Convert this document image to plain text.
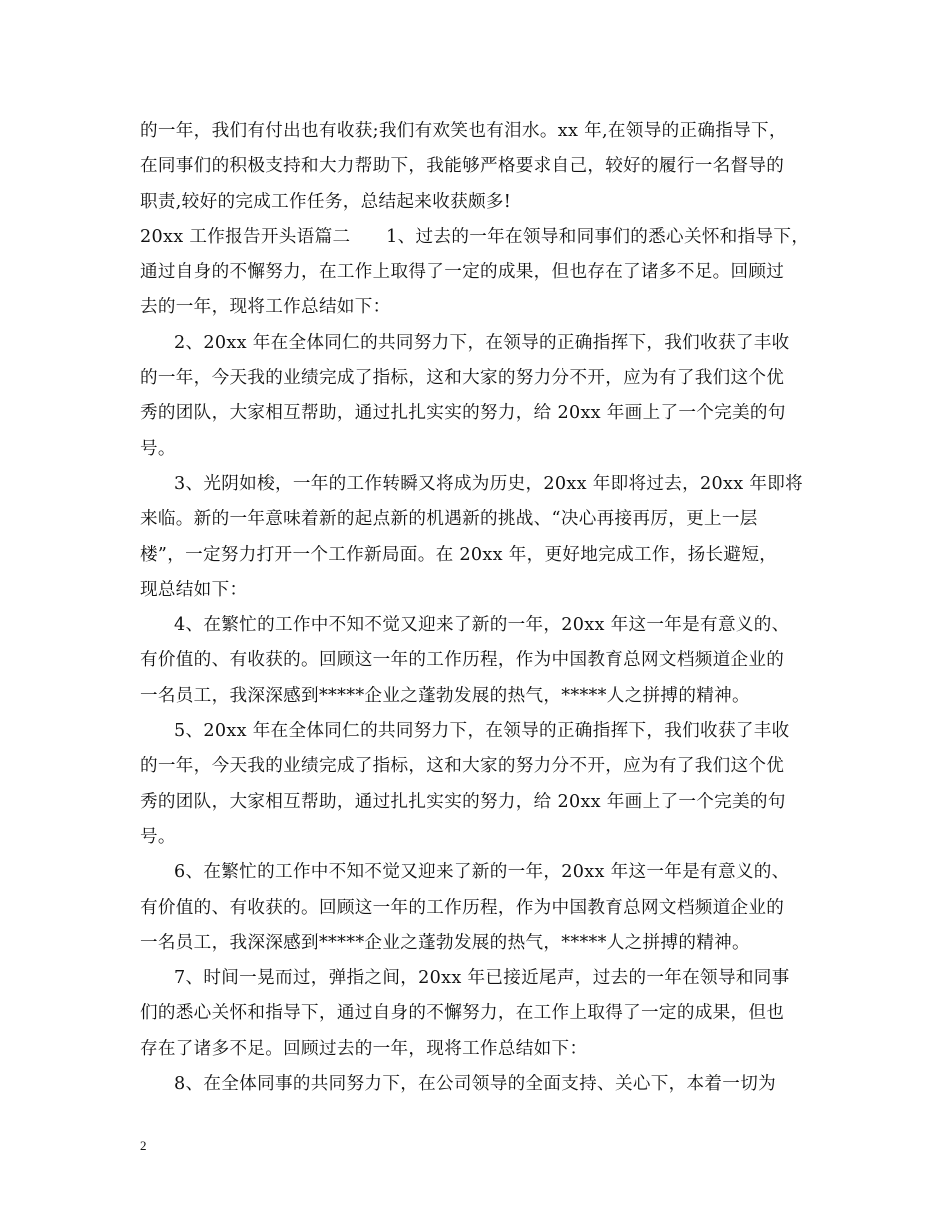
的一年，我们有付出也有收获;我们有欢笑也有泪水。xx 年,在领导的正确指导下，
在同事们的积极支持和大力帮助下，我能够严格要求自己，较好的履行一名督导的
职责,较好的完成工作任务，总结起来收获颇多!
20xx 工作报告开头语篇二　　1、过去的一年在领导和同事们的悉心关怀和指导下，
通过自身的不懈努力，在工作上取得了一定的成果，但也存在了诸多不足。回顾过
去的一年，现将工作总结如下：
2、20xx 年在全体同仁的共同努力下，在领导的正确指挥下，我们收获了丰收
的一年，今天我的业绩完成了指标，这和大家的努力分不开，应为有了我们这个优
秀的团队，大家相互帮助，通过扎扎实实的努力，给 20xx 年画上了一个完美的句
号。
3、光阴如梭，一年的工作转瞬又将成为历史，20xx 年即将过去，20xx 年即将
来临。新的一年意味着新的起点新的机遇新的挑战、“决心再接再厉，更上一层
楼”，一定努力打开一个工作新局面。在 20xx 年，更好地完成工作，扬长避短，
现总结如下：
4、在繁忙的工作中不知不觉又迎来了新的一年，20xx 年这一年是有意义的、
有价值的、有收获的。回顾这一年的工作历程，作为中国教育总网文档频道企业的
一名员工，我深深感到*****企业之蓬勃发展的热气，*****人之拼搏的精神。
5、20xx 年在全体同仁的共同努力下，在领导的正确指挥下，我们收获了丰收
的一年，今天我的业绩完成了指标，这和大家的努力分不开，应为有了我们这个优
秀的团队，大家相互帮助，通过扎扎实实的努力，给 20xx 年画上了一个完美的句
号。
6、在繁忙的工作中不知不觉又迎来了新的一年，20xx 年这一年是有意义的、
有价值的、有收获的。回顾这一年的工作历程，作为中国教育总网文档频道企业的
一名员工，我深深感到*****企业之蓬勃发展的热气，*****人之拼搏的精神。
7、时间一晃而过，弹指之间，20xx 年已接近尾声，过去的一年在领导和同事
们的悉心关怀和指导下，通过自身的不懈努力，在工作上取得了一定的成果，但也
存在了诸多不足。回顾过去的一年，现将工作总结如下：
8、在全体同事的共同努力下，在公司领导的全面支持、关心下，本着一切为
2
